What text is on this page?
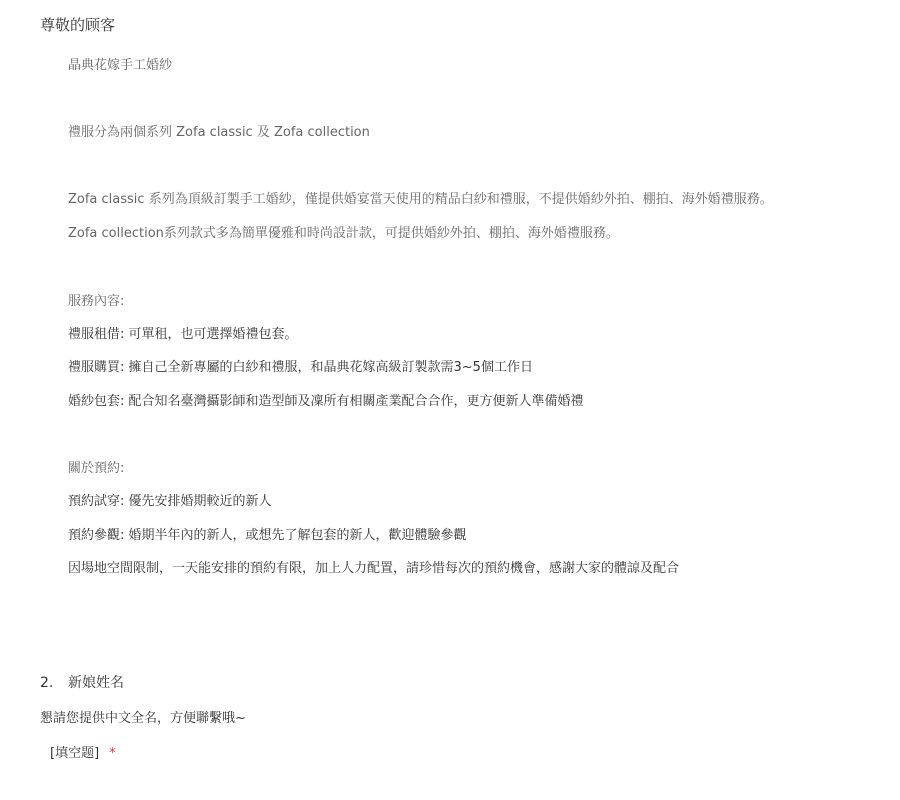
尊敬的顾客
晶典花嫁手工婚紗
禮服分為兩個系列 Zofa classic 及 Zofa collection
Zofa classic 系列為頂級訂製手工婚紗，僅提供婚宴當天使用的精品白紗和禮服，不提供婚紗外拍、棚拍、海外婚禮服務。
Zofa collection系列款式多為簡單優雅和時尚設計款，可提供婚紗外拍、棚拍、海外婚禮服務。
服務內容:
禮服租借: 可單租，也可選擇婚禮包套。
禮服購買: 擁自己全新專屬的白紗和禮服，和晶典花嫁高級訂製款需3~5個工作日
婚紗包套: 配合知名臺灣攝影師和造型師及凜所有相關產業配合合作，更方便新人準備婚禮
關於預約:
預約試穿: 優先安排婚期較近的新人
預約參觀: 婚期半年內的新人，或想先了解包套的新人，歡迎體驗參觀
因場地空間限制，一天能安排的預約有限，加上人力配置，請珍惜每次的預約機會，感謝大家的體諒及配合
2. 新娘姓名
懇請您提供中文全名，方便聯繫哦~
[填空题] *
